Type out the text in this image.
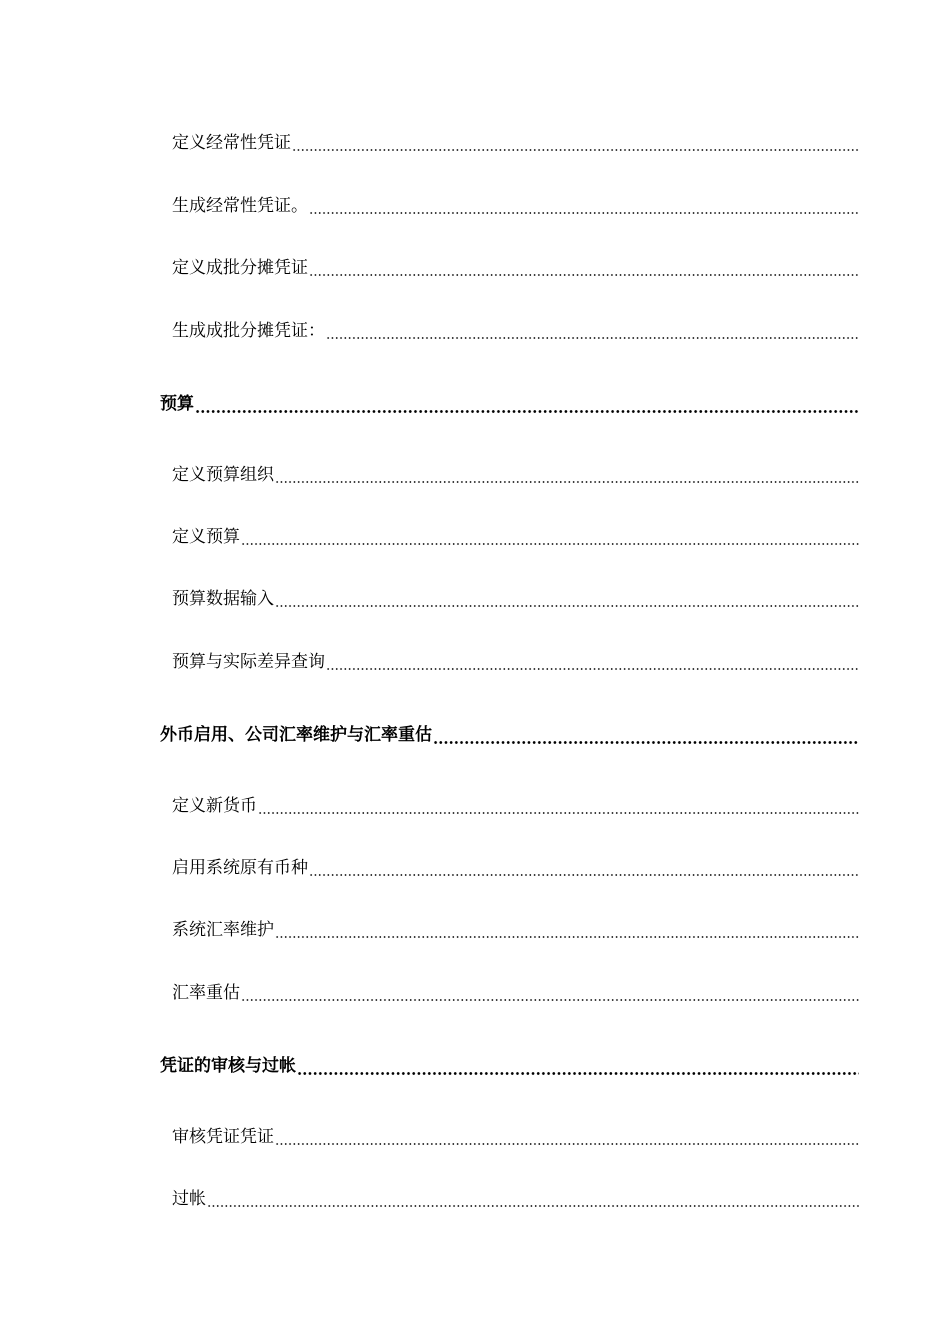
定义经常性凭证
生成经常性凭证。
定义成批分摊凭证
生成成批分摊凭证：
预算
定义预算组织
定义预算
预算数据输入
预算与实际差异查询
外币启用、公司汇率维护与汇率重估
定义新货币
启用系统原有币种
系统汇率维护
汇率重估
凭证的审核与过帐
审核凭证凭证
过帐
